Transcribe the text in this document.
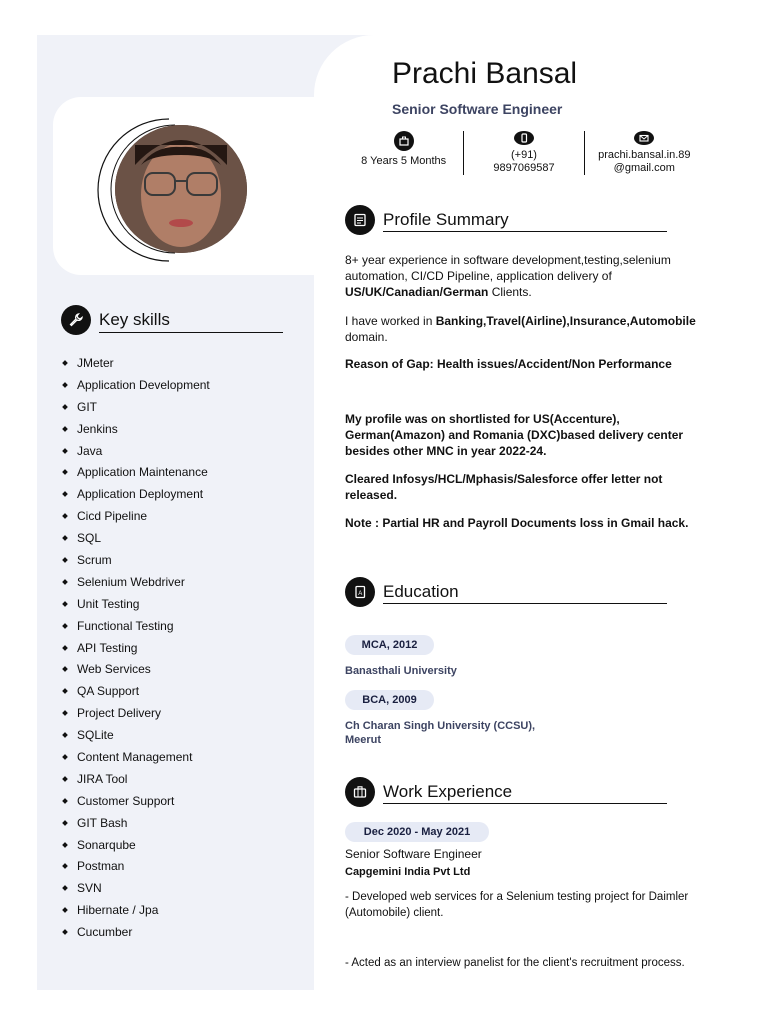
Prachi Bansal
Senior Software Engineer
8 Years 5 Months	(+91)
9897069587
prachi.bansal.in.89
@gmail.com
Key skills
JMeter
Application Development
GIT
Jenkins
Java
Application Maintenance
Application Deployment
Cicd Pipeline
SQL
Scrum
Selenium Webdriver
Unit Testing
Functional Testing
API Testing
Web Services
QA Support
Project Delivery
SQLite
Content Management
JIRA Tool
Customer Support
GIT Bash
Sonarqube
Postman
SVN
Hibernate / Jpa
Cucumber
Profile Summary
8+ year experience in software development,testing,selenium automation, CI/CD Pipeline, application delivery of US/UK/Canadian/German Clients.
I have worked in Banking,Travel(Airline),Insurance,Automobile domain.
Reason of Gap: Health issues/Accident/Non Performance
My profile was on shortlisted for US(Accenture), German(Amazon) and Romania (DXC)based delivery center besides other MNC in year 2022-24.
Cleared Infosys/HCL/Mphasis/Salesforce offer letter not released.
Note : Partial HR and Payroll Documents loss in Gmail hack.
A Education
MCA, 2012
Banasthali University
BCA, 2009
Ch Charan Singh University (CCSU),
Meerut
Work Experience
Dec 2020 - May 2021
Senior Software Engineer
Capgemini India Pvt Ltd
- Developed web services for a Selenium testing project for Daimler (Automobile) client.
- Acted as an interview panelist for the client's recruitment process.
